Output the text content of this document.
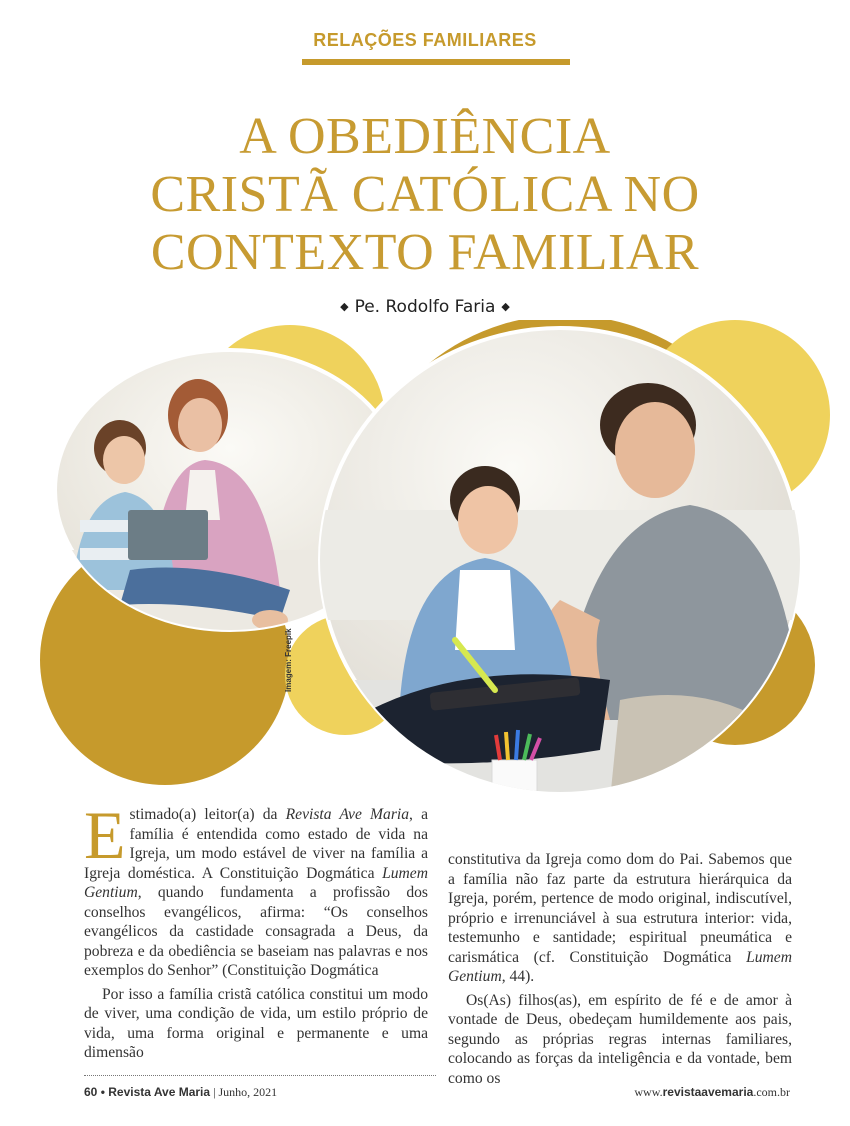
RELAÇÕES FAMILIARES
A OBEDIÊNCIA
CRISTÃ CATÓLICA NO
CONTEXTO FAMILIAR
◆ Pe. Rodolfo Faria ◆
Imagem: Freepik

Estimado(a) leitor(a) da Revista Ave Maria, a família é entendida como estado de vida na Igreja, um modo estável de viver na família a Igreja doméstica. A Constituição Dogmática Lumem Gentium, quando fundamenta a profissão dos conselhos evangélicos, afirma: “Os conselhos evangélicos da castidade consagrada a Deus, da pobreza e da obediência se baseiam nas palavras e nos exemplos do Senhor” (Constituição Dogmática

Por isso a família cristã católica constitui um modo de viver, uma condição de vida, um estilo próprio de vida, uma forma original e permanente e uma dimensão

constitutiva da Igreja como dom do Pai. Sabemos que a família não faz parte da estrutura hierárquica da Igreja, porém, pertence de modo original, indiscutível, próprio e irrenunciável à sua estrutura interior: vida, testemunho e santidade; espiritual pneumática e carismática (cf. Constituição Dogmática Lumem Gentium, 44).

Os(As) filhos(as), em espírito de fé e de amor à vontade de Deus, obedeçam humildemente aos pais, segundo as próprias regras internas familiares, colocando as forças da inteligência e da vontade, bem como os

60 • Revista Ave Maria | Junho, 2021	www.revistaavemaria.com.br
